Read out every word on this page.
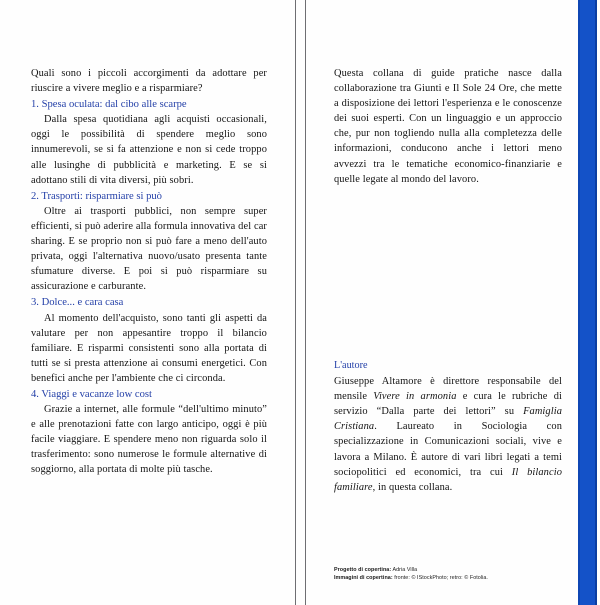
Quali sono i piccoli accorgimenti da adottare per riuscire a vivere meglio e a risparmiare?

1. Spesa oculata: dal cibo alle scarpe

Dalla spesa quotidiana agli acquisti occasionali, oggi le possibilità di spendere meglio sono innumerevoli, se si fa attenzione e non si cede troppo alle lusinghe di pubblicità e marketing. E se si adottano stili di vita diversi, più sobri.

2. Trasporti: risparmiare si può

Oltre ai trasporti pubblici, non sempre super efficienti, si può aderire alla formula innovativa del car sharing. E se proprio non si può fare a meno dell'auto privata, oggi l'alternativa nuovo/usato presenta tante sfumature diverse. E poi si può risparmiare su assicurazione e carburante.

3. Dolce... e cara casa

Al momento dell'acquisto, sono tanti gli aspetti da valutare per non appesantire troppo il bilancio familiare. E risparmi consistenti sono alla portata di tutti se si presta attenzione ai consumi energetici. Con benefici anche per l'ambiente che ci circonda.

4. Viaggi e vacanze low cost

Grazie a internet, alle formule “dell'ultimo minuto” e alle prenotazioni fatte con largo anticipo, oggi è più facile viaggiare. E spendere meno non riguarda solo il trasferimento: sono numerose le formule alternative di soggiorno, alla portata di molte più tasche.

Questa collana di guide pratiche nasce dalla collaborazione tra Giunti e Il Sole 24 Ore, che mette a disposizione dei lettori l'esperienza e le conoscenze dei suoi esperti. Con un linguaggio e un approccio che, pur non togliendo nulla alla completezza delle informazioni, conducono anche i lettori meno avvezzi tra le tematiche economico-finanziarie e quelle legate al mondo del lavoro.

L'autore

Giuseppe Altamore è direttore responsabile del mensile Vivere in armonia e cura le rubriche di servizio “Dalla parte dei lettori” su Famiglia Cristiana. Laureato in Sociologia con specializzazione in Comunicazioni sociali, vive e lavora a Milano. È autore di vari libri legati a temi sociopolitici ed economici, tra cui Il bilancio familiare, in questa collana.

Progetto di copertina: Adria Villa
Immagini di copertina: fronte: © IStockPhoto; retro: © Fotolia.
